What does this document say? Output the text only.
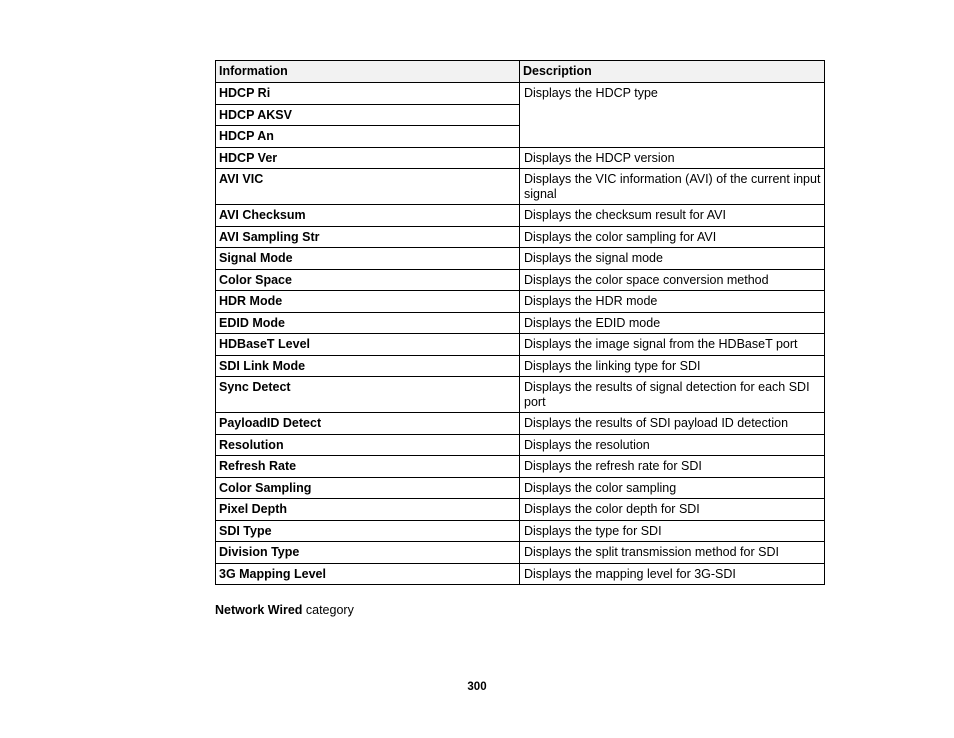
Information	Description
HDCP Ri	Displays the HDCP type
HDCP AKSV	
HDCP An	
HDCP Ver	Displays the HDCP version
AVI VIC	Displays the VIC information (AVI) of the current input signal
AVI Checksum	Displays the checksum result for AVI
AVI Sampling Str	Displays the color sampling for AVI
Signal Mode	Displays the signal mode
Color Space	Displays the color space conversion method
HDR Mode	Displays the HDR mode
EDID Mode	Displays the EDID mode
HDBaseT Level	Displays the image signal from the HDBaseT port
SDI Link Mode	Displays the linking type for SDI
Sync Detect	Displays the results of signal detection for each SDI port
PayloadID Detect	Displays the results of SDI payload ID detection
Resolution	Displays the resolution
Refresh Rate	Displays the refresh rate for SDI
Color Sampling	Displays the color sampling
Pixel Depth	Displays the color depth for SDI
SDI Type	Displays the type for SDI
Division Type	Displays the split transmission method for SDI
3G Mapping Level	Displays the mapping level for 3G-SDI
Network Wired category
300
